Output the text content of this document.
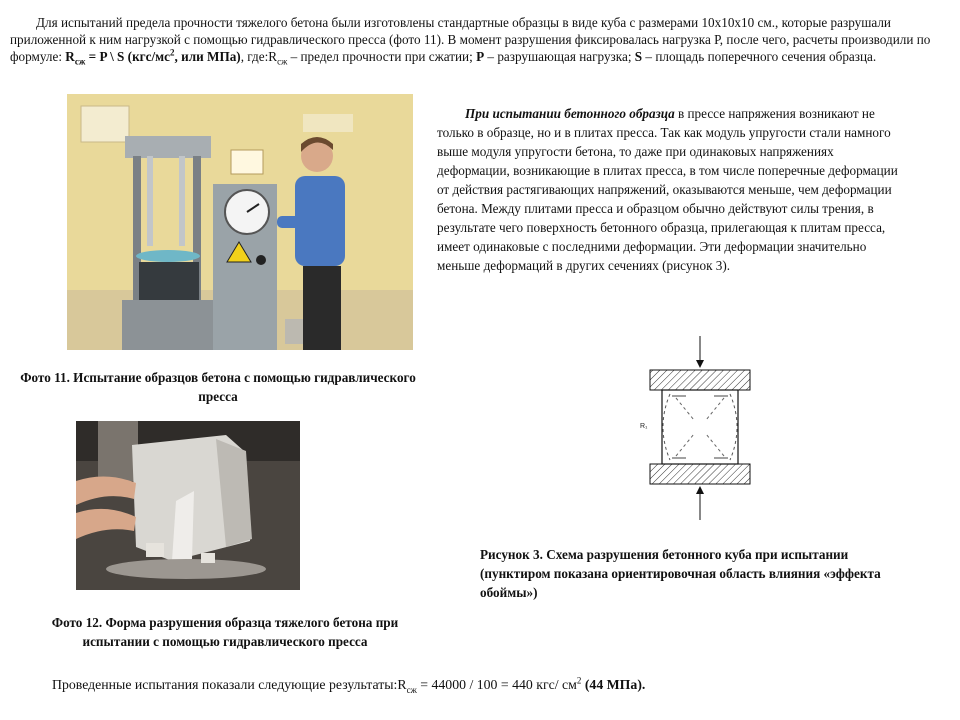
Для испытаний предела прочности тяжелого бетона были изготовлены стандартные образцы в виде куба с размерами 10х10х10 см., которые разрушали приложенной к ним нагрузкой с помощью гидравлического пресса (фото 11). В момент разрушения фиксировалась нагрузка Р, после чего, расчеты производили по формуле: $R_{сж} = P$ \ S ($кгс/мс^2$, или МПа), $где:R_{сж}$ – предел прочности при сжатии; Р – разрушающая нагрузка; S – площадь поперечного сечения образца.

Фото 11. Испытание образцов бетона с помощью гидравлического пресса
Фото 12. Форма разрушения образца тяжелого бетона при испытании с помощью гидравлического пресса

При испытании бетонного образца в прессе напряжения возникают не только в образце, но и в плитах пресса. Так как модуль упругости стали намного выше модуля упругости бетона, то даже при одинаковых напряжениях деформации, возникающие в плитах пресса, в том числе поперечные деформации от действия растягивающих напряжений, оказываются меньше, чем деформации бетона. Между плитами пресса и образцом обычно действуют силы трения, в результате чего поверхность бетонного образца, прилегающая к плитам пресса, имеет одинаковые с последними деформации. Эти деформации значительно меньше деформаций в других сечениях (рисунок 3).

R₁
Рисунок 3. Схема разрушения бетонного куба при испытании (пунктиром показана ориентировочная область влияния «эффекта обоймы»)
Проведенные испытания показали следующие $результаты:R_{сж} = 44000 / 100 = 440$ кгс/ $см^2$ (44 МПа).
